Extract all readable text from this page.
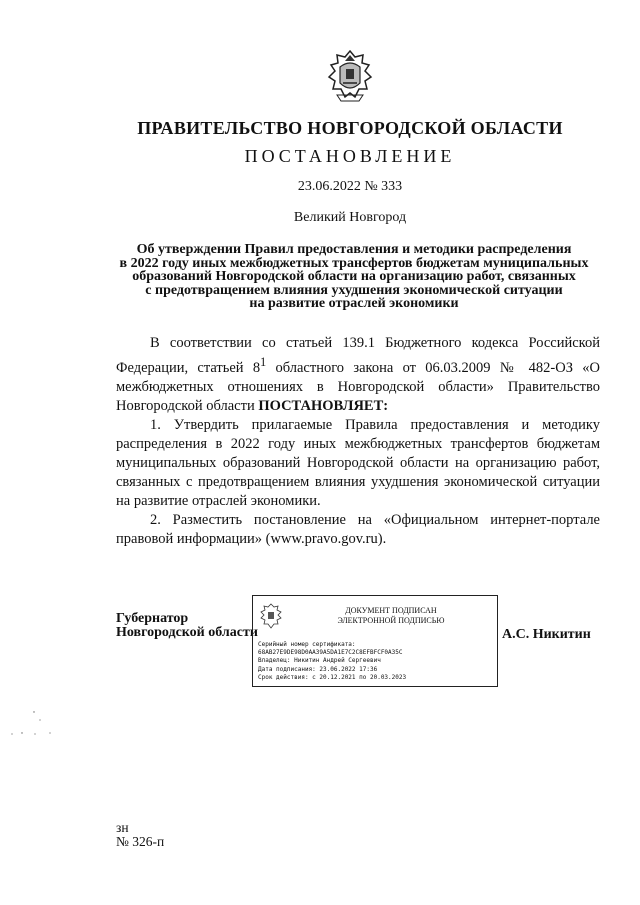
ПРАВИТЕЛЬСТВО НОВГОРОДСКОЙ ОБЛАСТИ
ПОСТАНОВЛЕНИЕ
23.06.2022 № 333
Великий Новгород
Об утверждении Правил предоставления и методики распределения
в 2022 году иных межбюджетных трансфертов бюджетам муниципальных
образований Новгородской области на организацию работ, связанных
с предотвращением влияния ухудшения экономической ситуации
на развитие отраслей экономики

В соответствии со статьей 139.1 Бюджетного кодекса Российской Федерации, статьей $8^1$ областного закона от 06.03.2009 № 482-ОЗ «О межбюджетных отношениях в Новгородской области» Правительство Новгородской области ПОСТАНОВЛЯЕТ:

1. Утвердить прилагаемые Правила предоставления и методику распределения в 2022 году иных межбюджетных трансфертов бюджетам муниципальных образований Новгородской области на организацию работ, связанных с предотвращением влияния ухудшения экономической ситуации на развитие отраслей экономики.

2. Разместить постановление на «Официальном интернет-портале правовой информации» (www.pravo.gov.ru).

Губернатор
Новгородской области
ДОКУМЕНТ ПОДПИСАН
ЭЛЕКТРОННОЙ ПОДПИСЬЮ
Серийный номер сертификата:
68AB27E9DE98D0AA39A5DA1E7C2C8EFBFCF0A35C
Владелец: Никитин Андрей Сергеевич
Дата подписания: 23.06.2022 17:36
Срок действия: с 20.12.2021 по 20.03.2023
А.С. Никитин
зн
№ 326-п
